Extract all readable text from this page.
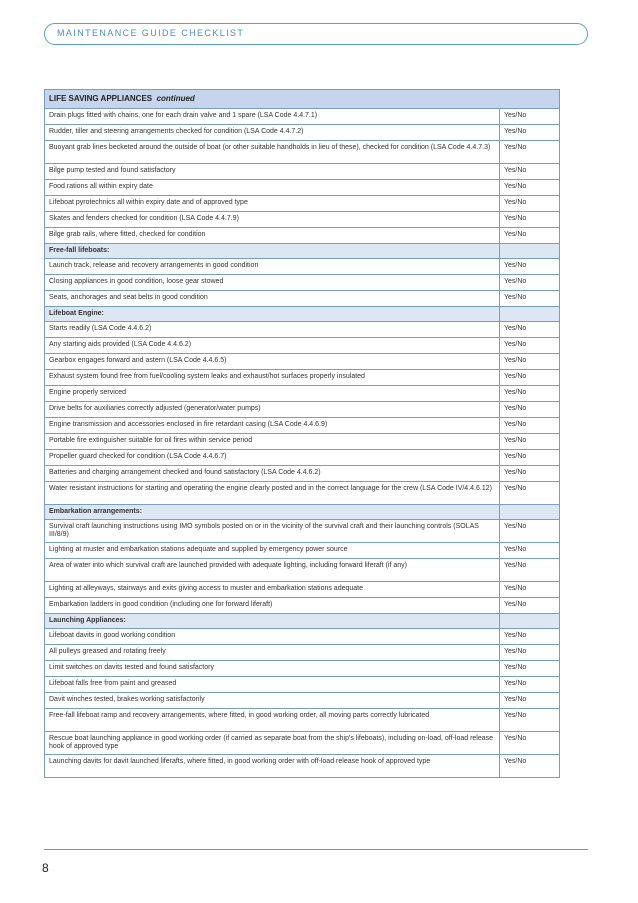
MAINTENANCE GUIDE CHECKLIST
LIFE SAVING APPLIANCES continued	
Drain plugs fitted with chains, one for each drain valve and 1 spare (LSA Code 4.4.7.1)	Yes/No
Rudder, tiller and steering arrangements checked for condition (LSA Code 4.4.7.2)	Yes/No
Buoyant grab lines becketed around the outside of boat (or other suitable handholds in lieu of these), checked for condition (LSA Code 4.4.7.3)	Yes/No
Bilge pump tested and found satisfactory	Yes/No
Food rations all within expiry date	Yes/No
Lifeboat pyrotechnics all within expiry date and of approved type	Yes/No
Skates and fenders checked for condition (LSA Code 4.4.7.9)	Yes/No
Bilge grab rails, where fitted, checked for condition	Yes/No
Free-fall lifeboats:	
Launch track, release and recovery arrangements in good condition	Yes/No
Closing appliances in good condition, loose gear stowed	Yes/No
Seats, anchorages and seat belts in good condition	Yes/No
Lifeboat Engine:	
Starts readily (LSA Code 4.4.6.2)	Yes/No
Any starting aids provided (LSA Code 4.4.6.2)	Yes/No
Gearbox engages forward and astern (LSA Code 4.4.6.5)	Yes/No
Exhaust system found free from fuel/cooling system leaks and exhaust/hot surfaces properly insulated	Yes/No
Engine properly serviced	Yes/No
Drive belts for auxiliaries correctly adjusted (generator/water pumps)	Yes/No
Engine transmission and accessories enclosed in fire retardant casing (LSA Code 4.4.6.9)	Yes/No
Portable fire extinguisher suitable for oil fires within service period	Yes/No
Propeller guard checked for condition (LSA Code 4.4.6.7)	Yes/No
Batteries and charging arrangement checked and found satisfactory (LSA Code 4.4.6.2)	Yes/No
Water resistant instructions for starting and operating the engine clearly posted and in the correct language for the crew (LSA Code IV/4.4.6.12)	Yes/No
Embarkation arrangements:	
Survival craft launching instructions using IMO symbols posted on or in the vicinity of the survival craft and their launching controls (SOLAS III/8/9)	Yes/No
Lighting at muster and embarkation stations adequate and supplied by emergency power source	Yes/No
Area of water into which survival craft are launched provided with adequate lighting, including forward liferaft (if any)	Yes/No
Lighting at alleyways, stairways and exits giving access to muster and embarkation stations adequate	Yes/No
Embarkation ladders in good condition (including one for forward liferaft)	Yes/No
Launching Appliances:	
Lifeboat davits in good working condition	Yes/No
All pulleys greased and rotating freely	Yes/No
Limit switches on davits tested and found satisfactory	Yes/No
Lifeboat falls free from paint and greased	Yes/No
Davit winches tested, brakes working satisfactorily	Yes/No
Free-fall lifeboat ramp and recovery arrangements, where fitted, in good working order, all moving parts correctly lubricated	Yes/No
Rescue boat launching appliance in good working order (if carried as separate boat from the ship's lifeboats), including on-load, off-load release hook of approved type	Yes/No
Launching davits for davit launched liferafts, where fitted, in good working order with off-load release hook of approved type	Yes/No
8
